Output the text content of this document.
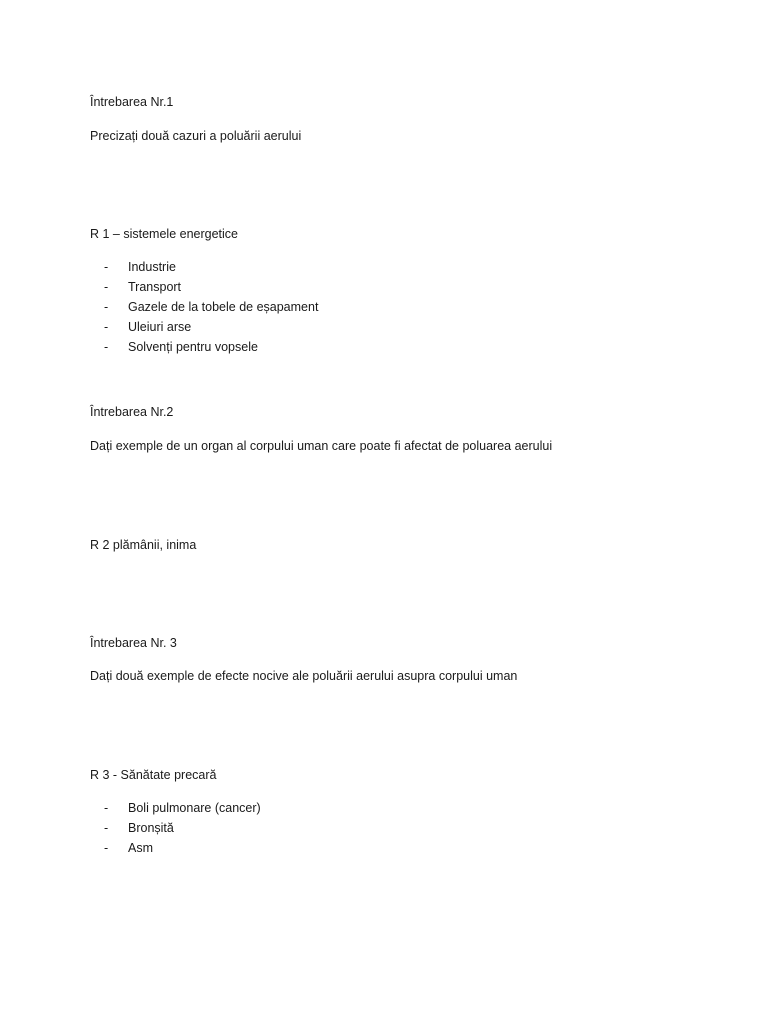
Întrebarea Nr.1
Precizați două cazuri a poluării aerului
R 1 – sistemele energetice
- Industrie
- Transport
- Gazele de la tobele de eșapament
- Uleiuri arse
- Solvenți pentru vopsele
Întrebarea Nr.2
Dați exemple de un organ al corpului uman care poate fi afectat de poluarea aerului
R 2 plămânii, inima
Întrebarea Nr. 3
Dați două exemple de efecte nocive ale poluării aerului asupra corpului uman
R 3 - Sănătate precară
- Boli pulmonare (cancer)
- Bronșită
- Asm
